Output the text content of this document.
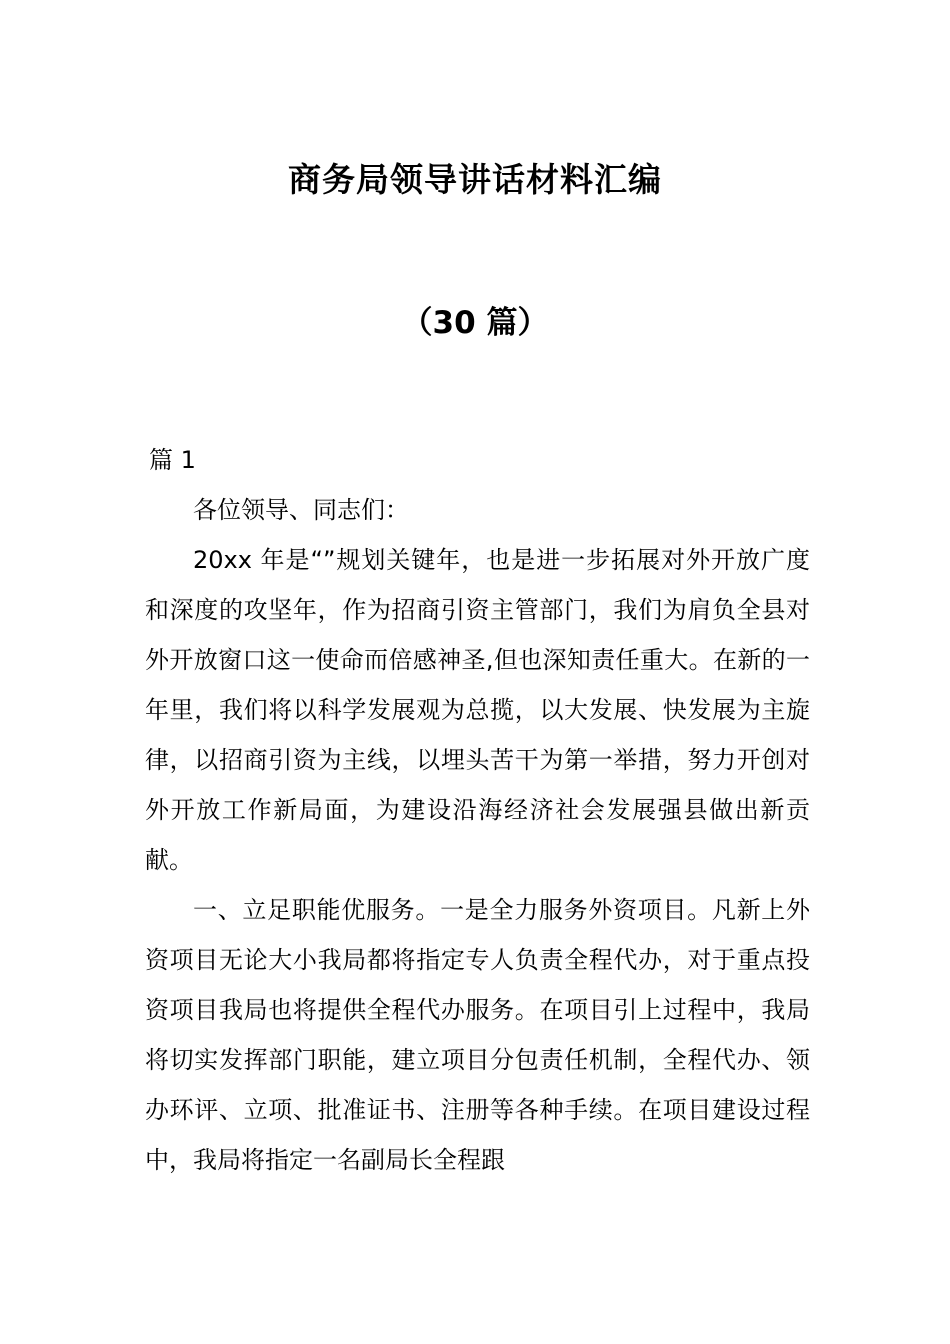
商务局领导讲话材料汇编
（30 篇）

篇 1

各位领导、同志们：

20xx 年是“”规划关键年，也是进一步拓展对外开放广度和深度的攻坚年，作为招商引资主管部门，我们为肩负全县对外开放窗口这一使命而倍感神圣,但也深知责任重大。在新的一年里，我们将以科学发展观为总揽，以大发展、快发展为主旋律，以招商引资为主线，以埋头苦干为第一举措，努力开创对外开放工作新局面，为建设沿海经济社会发展强县做出新贡献。

一、立足职能优服务。一是全力服务外资项目。凡新上外资项目无论大小我局都将指定专人负责全程代办，对于重点投资项目我局也将提供全程代办服务。在项目引上过程中，我局将切实发挥部门职能，建立项目分包责任机制，全程代办、领办环评、立项、批准证书、注册等各种手续。在项目建设过程中，我局将指定一名副局长全程跟
